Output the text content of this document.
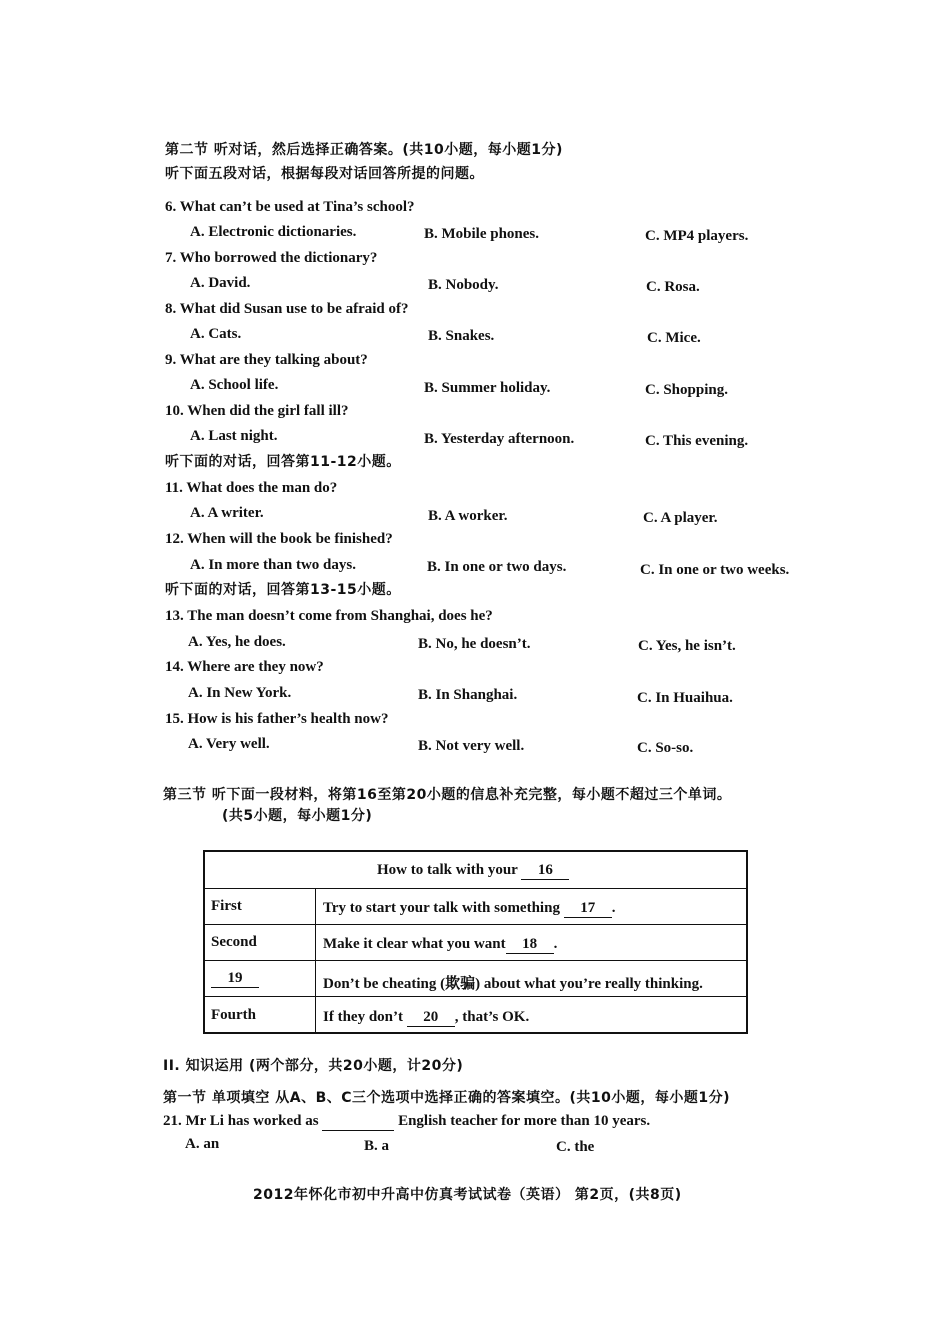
第二节 听对话，然后选择正确答案。(共10小题，每小题1分)
听下面五段对话，根据每段对话回答所提的问题。
6. What can’t be used at Tina’s school?
A. Electronic dictionaries.	B. Mobile phones.	C. MP4 players.
7. Who borrowed the dictionary?
A. David.	B. Nobody.	C. Rosa.
8. What did Susan use to be afraid of?
A. Cats.	B. Snakes.	C. Mice.
9. What are they talking about?
A. School life.	B. Summer holiday.	C. Shopping.
10. When did the girl fall ill?
A. Last night.	B. Yesterday afternoon.	C. This evening.
听下面的对话，回答第11-12小题。
11. What does the man do?
A. A writer.	B. A worker.	C. A player.
12. When will the book be finished?
A. In more than two days.	B. In one or two days.	C. In one or two weeks.
听下面的对话，回答第13-15小题。
13. The man doesn’t come from Shanghai, does he?
A. Yes, he does.	B. No, he doesn’t.	C. Yes, he isn’t.
14. Where are they now?
A. In New York.	B. In Shanghai.	C. In Huaihua.
15. How is his father’s health now?
A. Very well.	B. Not very well.	C. So-so.
第三节 听下面一段材料，将第16至第20小题的信息补充完整，每小题不超过三个单词。
(共5小题，每小题1分)
How to talk with your 16
First	Try to start your talk with something 17 .
Second	Make it clear what you want 18 .
19	Don’t be cheating (欺骗) about what you’re really thinking.
Fourth	If they don’t 20 , that’s OK.
II. 知识运用 (两个部分，共20小题，计20分)
第一节 单项填空 从A、B、C三个选项中选择正确的答案填空。(共10小题，每小题1分)
21. Mr Li has worked as	English teacher for more than 10 years.
A. an	B. a	C. the
2012年怀化市初中升高中仿真考试试卷（英语） 第2页，(共8页)
